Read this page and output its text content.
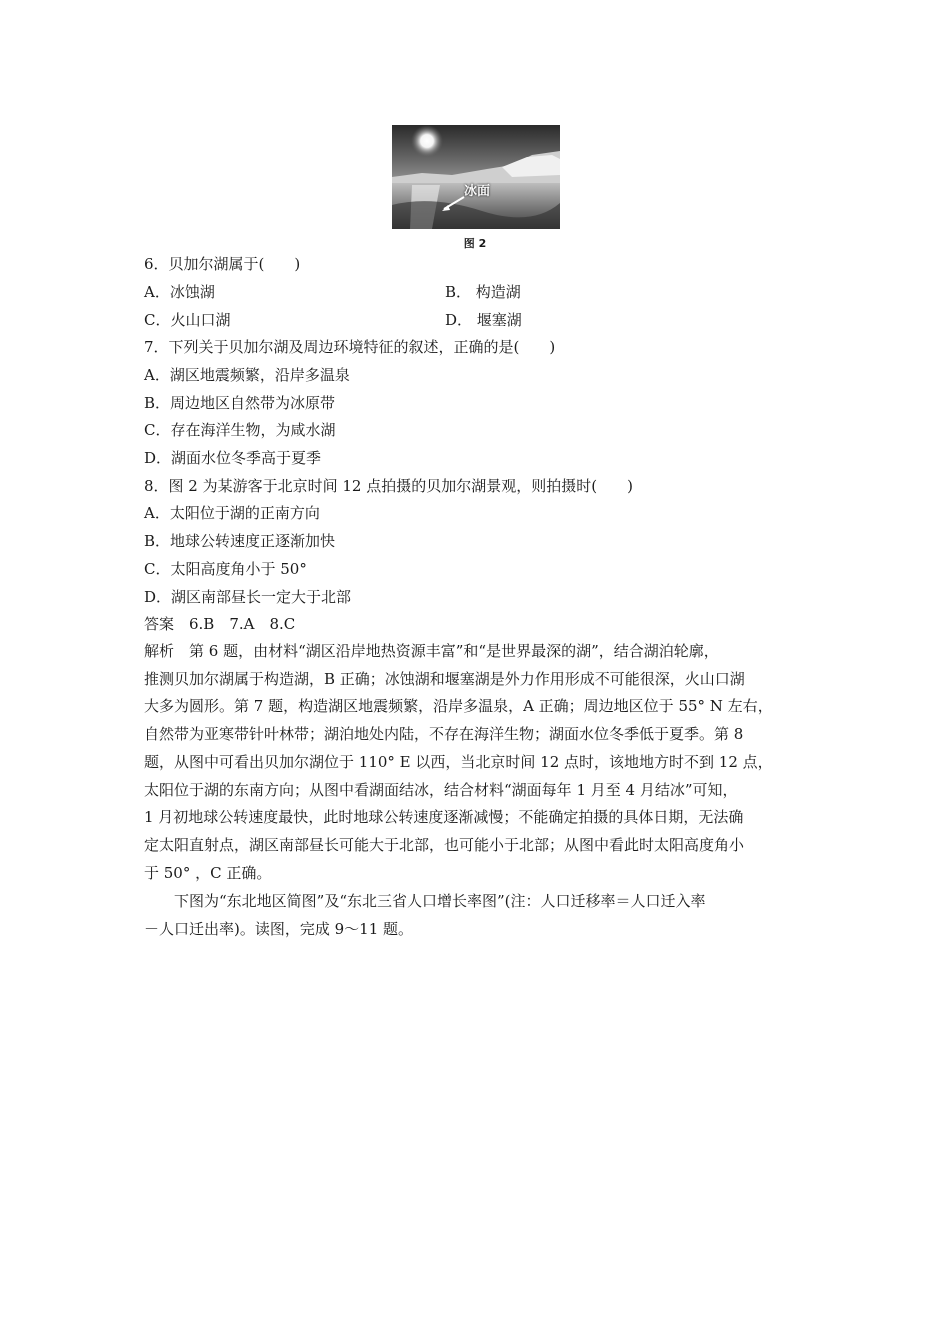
冰面
图 2
6．贝加尔湖属于(　　)
A．冰蚀湖	B． 构造湖
C．火山口湖	D． 堰塞湖
7．下列关于贝加尔湖及周边环境特征的叙述，正确的是(　　)
A．湖区地震频繁，沿岸多温泉
B．周边地区自然带为冰原带
C．存在海洋生物，为咸水湖
D．湖面水位冬季高于夏季
8．图 2 为某游客于北京时间 12 点拍摄的贝加尔湖景观，则拍摄时(　　)
A．太阳位于湖的正南方向
B．地球公转速度正逐渐加快
C．太阳高度角小于 50°
D．湖区南部昼长一定大于北部
答案　6.B　7.A　8.C
解析　第 6 题，由材料“湖区沿岸地热资源丰富”和“是世界最深的湖”，结合湖泊轮廓，
推测贝加尔湖属于构造湖，B 正确；冰蚀湖和堰塞湖是外力作用形成不可能很深，火山口湖
大多为圆形。第 7 题，构造湖区地震频繁，沿岸多温泉，A 正确；周边地区位于 55° N 左右，
自然带为亚寒带针叶林带；湖泊地处内陆，不存在海洋生物；湖面水位冬季低于夏季。第 8
题，从图中可看出贝加尔湖位于 110° E 以西，当北京时间 12 点时，该地地方时不到 12 点，
太阳位于湖的东南方向；从图中看湖面结冰，结合材料“湖面每年 1 月至 4 月结冰”可知，
1 月初地球公转速度最快，此时地球公转速度逐渐减慢；不能确定拍摄的具体日期，无法确
定太阳直射点，湖区南部昼长可能大于北部，也可能小于北部；从图中看此时太阳高度角小
于 50° ，C 正确。
下图为“东北地区简图”及“东北三省人口增长率图”(注：人口迁移率＝人口迁入率
－人口迁出率)。读图，完成 9～11 题。
